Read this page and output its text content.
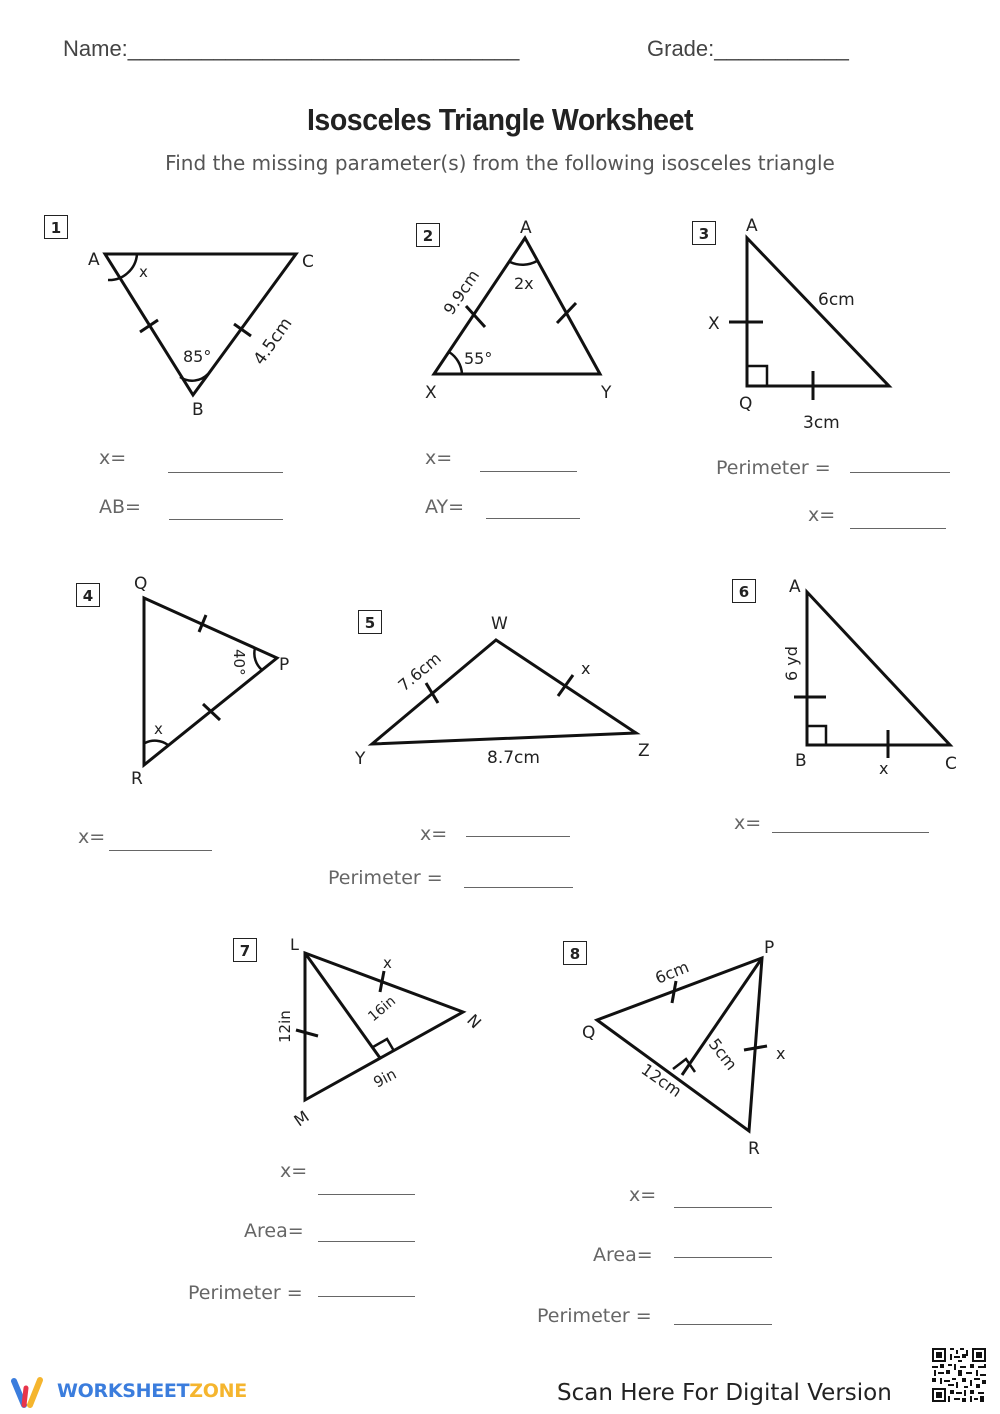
Name:________________________________	Grade:___________
Isosceles Triangle Worksheet
Find the missing parameter(s) from the following isosceles triangle
1	2	3
4
5
6
7	8
A	C
B
x
85° 4.5cm
A
X	Y
2x
55°
9.9cm
A
Q
X
6cm
3cm
Q
P
R
40°
x
W
Y	Z
7.6cm	x
8.7cm
A
B	C
6 yd
x
L
M
N
12in
x
16in
9in
P
Q
R
6cm
x
5cm
12cm
x=
AB=
x=
AY=
Perimeter =
x=
x=	x=
Perimeter =
x=
x=
Area=
Perimeter =
x=
Area=
Perimeter =
WORKSHEETZONE	Scan Here For Digital Version
